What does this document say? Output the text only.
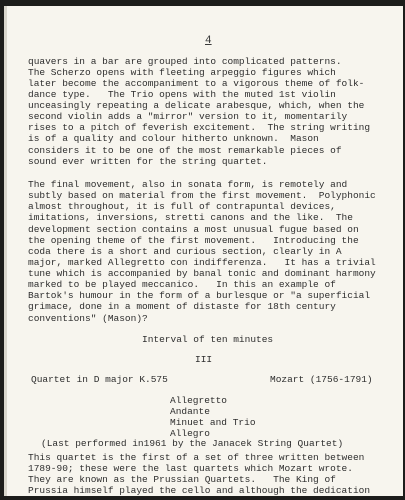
4
quavers in a bar are grouped into complicated patterns.
The Scherzo opens with fleeting arpeggio figures which
later become the accompaniment to a vigorous theme of folk-
dance type.   The Trio opens with the muted 1st violin
unceasingly repeating a delicate arabesque, which, when the
second violin adds a "mirror" version to it, momentarily
rises to a pitch of feverish excitement.  The string writing
is of a quality and colour hitherto unknown.  Mason
considers it to be one of the most remarkable pieces of
sound ever written for the string quartet.
The final movement, also in sonata form, is remotely and
subtly based on material from the first movement.  Polyphonic
almost throughout, it is full of contrapuntal devices,
imitations, inversions, stretti canons and the like.  The
development section contains a most unusual fugue based on
the opening theme of the first movement.   Introducing the
coda there is a short and curious section, clearly in A
major, marked Allegretto con indifferenza.   It has a trivial
tune which is accompanied by banal tonic and dominant harmony
marked to be played meccanico.   In this an example of
Bartok's humour in the form of a burlesque or "a superficial
grimace, done in a moment of distaste for 18th century
conventions" (Mason)?
Interval of ten minutes
III
Quartet in D major K.575	Mozart (1756-1791)
Allegretto
Andante
Minuet and Trio
Allegro
(Last performed in1961 by the Janacek String Quartet)
This quartet is the first of a set of three written between
1789-90; these were the last quartets which Mozart wrote.
They are known as the Prussian Quartets.   The King of
Prussia himself played the cello and although the dedication
